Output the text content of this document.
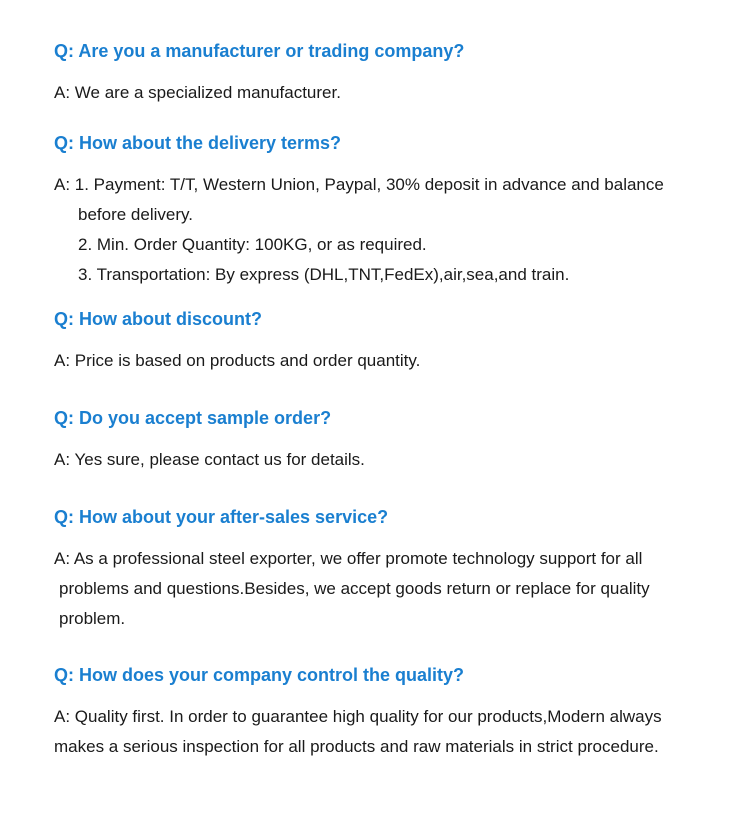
Q: Are you a manufacturer or trading company?

A: We are a specialized manufacturer.

Q: How about the delivery terms?

A: 1. Payment: T/T, Western Union, Paypal, 30% deposit in advance and balance

before delivery.

2. Min. Order Quantity: 100KG, or as required.

3. Transportation: By express (DHL,TNT,FedEx),air,sea,and train.

Q: How about discount?

A: Price is based on products and order quantity.

Q: Do you accept sample order?

A: Yes sure, please contact us for details.

Q: How about your after-sales service?

A: As a professional steel exporter, we offer promote technology support for all

problems and questions.Besides, we accept goods return or replace for quality

problem.

Q: How does your company control the quality?

A: Quality first. In order to guarantee high quality for our products,Modern always

makes a serious inspection for all products and raw materials in strict procedure.
